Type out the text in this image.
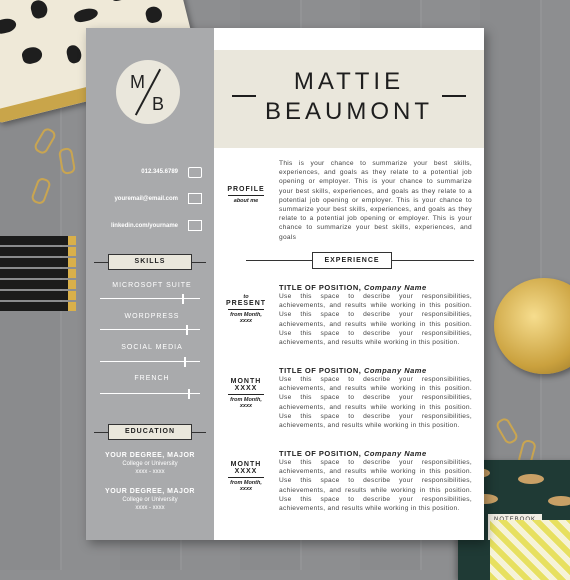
M
B
MATTIE
BEAUMONT
012.345.6789
youremail@email.com
linkedin.com/yourname
SKILLS
MICROSOFT SUITE
WORDPRESS
SOCIAL MEDIA
FRENCH
EDUCATION
YOUR DEGREE, MAJOR
College or University
xxxx - xxxx
YOUR DEGREE, MAJOR
College or University
xxxx - xxxx
PROFILE
about me
This is your chance to summarize your best skills, experiences, and goals as they relate to a potential job opening or employer. This is your chance to summarize your best skills, experiences, and goals as they relate to a potential job opening or employer. This is your chance to summarize your best skills, experiences, and goals as they relate to a potential job opening or employer. This is your chance to summarize your best skills, experiences, and goals
EXPERIENCE
to
PRESENT
from Month,
xxxx
TITLE OF POSITION, Company Name
Use this space to describe your responsibilities, achievements, and results while working in this position. Use this space to describe your responsibilities, achievements, and results while working in this position. Use this space to describe your responsibilities, achievements, and results while working in this position.
MONTH
XXXX
from Month,
xxxx
TITLE OF POSITION, Company Name
Use this space to describe your responsibilities, achievements, and results while working in this position. Use this space to describe your responsibilities, achievements, and results while working in this position. Use this space to describe your responsibilities, achievements, and results while working in this position.
MONTH
XXXX
from Month,
xxxx
TITLE OF POSITION, Company Name
Use this space to describe your responsibilities, achievements, and results while working in this position. Use this space to describe your responsibilities, achievements, and results while working in this position. Use this space to describe your responsibilities, achievements, and results while working in this position.
